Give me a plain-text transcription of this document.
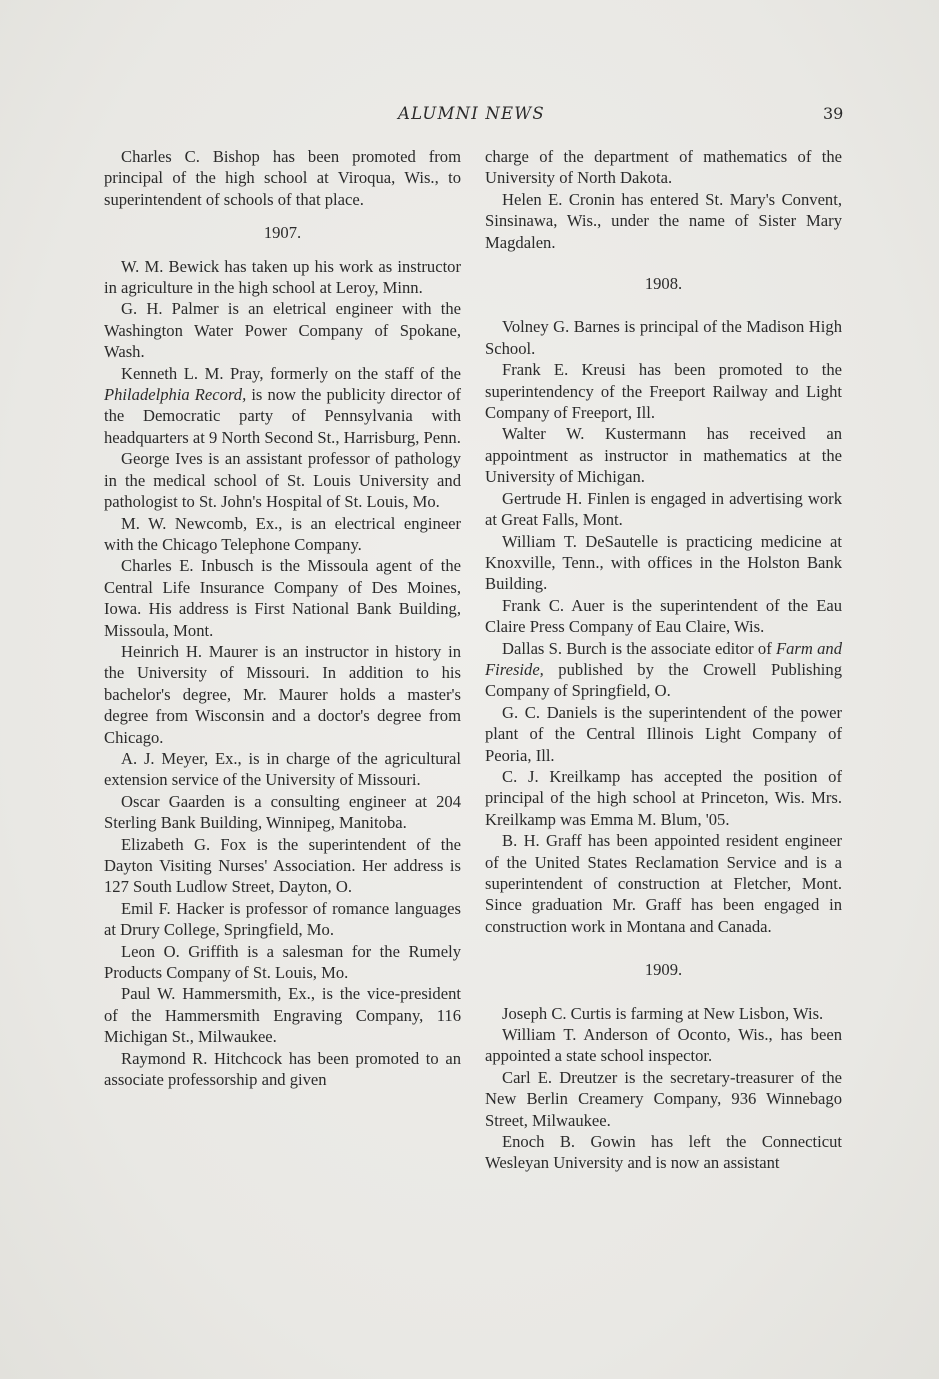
ALUMNI NEWS	39

Charles C. Bishop has been promoted from principal of the high school at Viroqua, Wis., to superintendent of schools of that place.

1907.

W. M. Bewick has taken up his work as instructor in agriculture in the high school at Leroy, Minn.

G. H. Palmer is an eletrical engineer with the Washington Water Power Company of Spokane, Wash.

Kenneth L. M. Pray, formerly on the staff of the Philadelphia Record, is now the publicity director of the Democratic party of Pennsylvania with headquarters at 9 North Second St., Harrisburg, Penn.

George Ives is an assistant professor of pathology in the medical school of St. Louis University and pathologist to St. John's Hospital of St. Louis, Mo.

M. W. Newcomb, Ex., is an electrical engineer with the Chicago Telephone Company.

Charles E. Inbusch is the Missoula agent of the Central Life Insurance Company of Des Moines, Iowa. His address is First National Bank Building, Missoula, Mont.

Heinrich H. Maurer is an instructor in history in the University of Missouri. In addition to his bachelor's degree, Mr. Maurer holds a master's degree from Wisconsin and a doctor's degree from Chicago.

A. J. Meyer, Ex., is in charge of the agricultural extension service of the University of Missouri.

Oscar Gaarden is a consulting engineer at 204 Sterling Bank Building, Winnipeg, Manitoba.

Elizabeth G. Fox is the superintendent of the Dayton Visiting Nurses' Association. Her address is 127 South Ludlow Street, Dayton, O.

Emil F. Hacker is professor of romance languages at Drury College, Springfield, Mo.

Leon O. Griffith is a salesman for the Rumely Products Company of St. Louis, Mo.

Paul W. Hammersmith, Ex., is the vice-president of the Hammersmith Engraving Company, 116 Michigan St., Milwaukee.

Raymond R. Hitchcock has been promoted to an associate professorship and given

charge of the department of mathematics of the University of North Dakota.

Helen E. Cronin has entered St. Mary's Convent, Sinsinawa, Wis., under the name of Sister Mary Magdalen.

1908.

Volney G. Barnes is principal of the Madison High School.

Frank E. Kreusi has been promoted to the superintendency of the Freeport Railway and Light Company of Freeport, Ill.

Walter W. Kustermann has received an appointment as instructor in mathematics at the University of Michigan.

Gertrude H. Finlen is engaged in advertising work at Great Falls, Mont.

William T. DeSautelle is practicing medicine at Knoxville, Tenn., with offices in the Holston Bank Building.

Frank C. Auer is the superintendent of the Eau Claire Press Company of Eau Claire, Wis.

Dallas S. Burch is the associate editor of Farm and Fireside, published by the Crowell Publishing Company of Springfield, O.

G. C. Daniels is the superintendent of the power plant of the Central Illinois Light Company of Peoria, Ill.

C. J. Kreilkamp has accepted the position of principal of the high school at Princeton, Wis. Mrs. Kreilkamp was Emma M. Blum, '05.

B. H. Graff has been appointed resident engineer of the United States Reclamation Service and is a superintendent of construction at Fletcher, Mont. Since graduation Mr. Graff has been engaged in construction work in Montana and Canada.

1909.

Joseph C. Curtis is farming at New Lisbon, Wis.

William T. Anderson of Oconto, Wis., has been appointed a state school inspector.

Carl E. Dreutzer is the secretary-treasurer of the New Berlin Creamery Company, 936 Winnebago Street, Milwaukee.

Enoch B. Gowin has left the Connecticut Wesleyan University and is now an assistant
